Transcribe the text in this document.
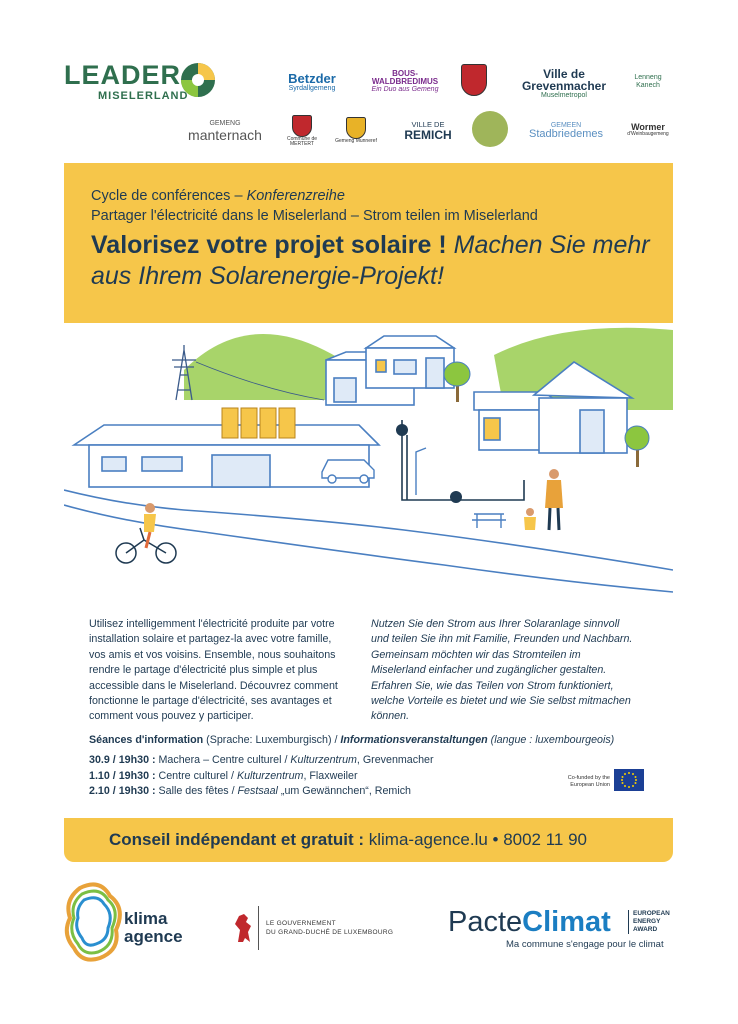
LEADER
MISELERLAND
Betzder
Syrdallgemeng
BOUS-WALDBREDIMUS
Ein Duo aus Gemeng
Ville de Grevenmacher
Muselmetropol
Lenneng Kanech
GEMENG
manternach	Commune de MERTERT	Gemeng Munneref
VILLE DE
REMICH
GEMEEN
Stadbriedemes
Wormer
d'Weinbaugemeng
Cycle de conférences – Konferenzreihe
Partager l'électricité dans le Miselerland – Strom teilen im Miselerland
Valorisez votre projet solaire ! Machen Sie mehr aus Ihrem Solarenergie-Projekt!
Utilisez intelligemment l'électricité produite par votre installation solaire et partagez-la avec votre famille, vos amis et vos voisins. Ensemble, nous souhaitons rendre le partage d'électricité plus simple et plus accessible dans le Miselerland. Découvrez comment fonctionne le partage d'électricité, ses avantages et comment vous pouvez y participer.
Nutzen Sie den Strom aus Ihrer Solaranlage sinnvoll und teilen Sie ihn mit Familie, Freunden und Nachbarn. Gemeinsam möchten wir das Stromteilen im Miselerland einfacher und zugänglicher gestalten. Erfahren Sie, wie das Teilen von Strom funktioniert, welche Vorteile es bietet und wie Sie selbst mitmachen können.
Séances d'information (Sprache: Luxemburgisch) / Informationsveranstaltungen (langue : luxembourgeois)
30.9 / 19h30 : Machera – Centre culturel / Kulturzentrum, Grevenmacher
1.10 / 19h30 : Centre culturel / Kulturzentrum, Flaxweiler
2.10 / 19h30 : Salle des fêtes / Festsaal „um Gewännchen“, Remich
Co-funded by the European Union
Conseil indépendant et gratuit : klima-agence.lu • 8002 11 90
klima
agence
LE GOUVERNEMENT
DU GRAND-DUCHÉ DE LUXEMBOURG PacteClimat	EUROPEAN
ENERGY
AWARD
Ma commune s'engage pour le climat
